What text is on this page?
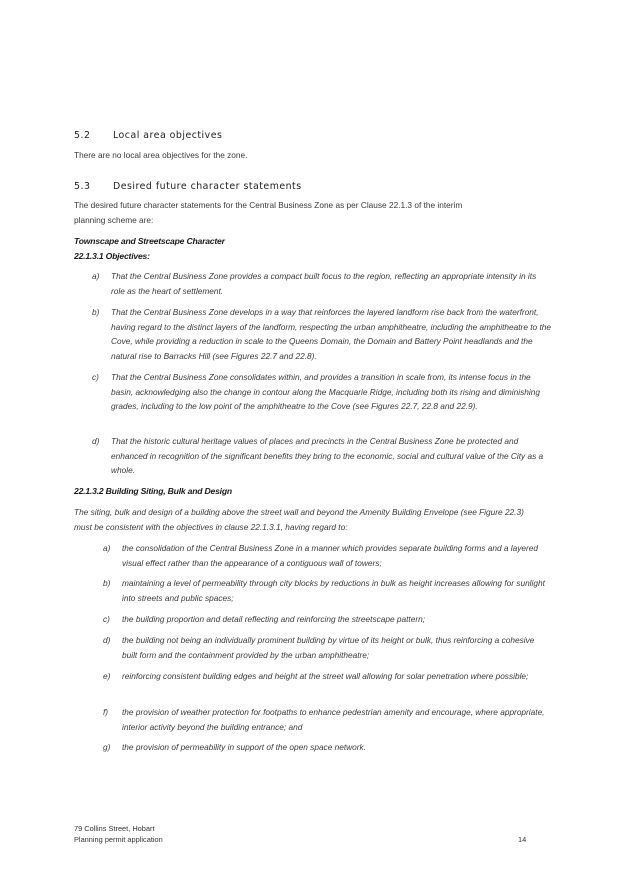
5.2 Local area objectives
There are no local area objectives for the zone.
5.3 Desired future character statements
The desired future character statements for the Central Business Zone as per Clause 22.1.3 of the interim
planning scheme are:
Townscape and Streetscape Character
22.1.3.1 Objectives:
a) That the Central Business Zone provides a compact built focus to the region, reflecting an appropriate intensity in its role as the heart of settlement.
b) That the Central Business Zone develops in a way that reinforces the layered landform rise back from the waterfront, having regard to the distinct layers of the landform, respecting the urban amphitheatre, including the amphitheatre to the Cove, while providing a reduction in scale to the Queens Domain, the Domain and Battery Point headlands and the natural rise to Barracks Hill (see Figures 22.7 and 22.8).
c) That the Central Business Zone consolidates within, and provides a transition in scale from, its intense focus in the basin, acknowledging also the change in contour along the Macquarie Ridge, including both its rising and diminishing grades, including to the low point of the amphitheatre to the Cove (see Figures 22.7, 22.8 and 22.9).
d) That the historic cultural heritage values of places and precincts in the Central Business Zone be protected and enhanced in recognition of the significant benefits they bring to the economic, social and cultural value of the City as a whole.
22.1.3.2 Building Siting, Bulk and Design
The siting, bulk and design of a building above the street wall and beyond the Amenity Building Envelope (see Figure 22.3) must be consistent with the objectives in clause 22.1.3.1, having regard to:
a) the consolidation of the Central Business Zone in a manner which provides separate building forms and a layered visual effect rather than the appearance of a contiguous wall of towers;
b) maintaining a level of permeability through city blocks by reductions in bulk as height increases allowing for sunlight into streets and public spaces;
c) the building proportion and detail reflecting and reinforcing the streetscape pattern;
d) the building not being an individually prominent building by virtue of its height or bulk, thus reinforcing a cohesive built form and the containment provided by the urban amphitheatre;
e) reinforcing consistent building edges and height at the street wall allowing for solar penetration where possible;
f) the provision of weather protection for footpaths to enhance pedestrian amenity and encourage, where appropriate, interior activity beyond the building entrance; and
g) the provision of permeability in support of the open space network.
79 Collins Street, Hobart
Planning permit application	14
